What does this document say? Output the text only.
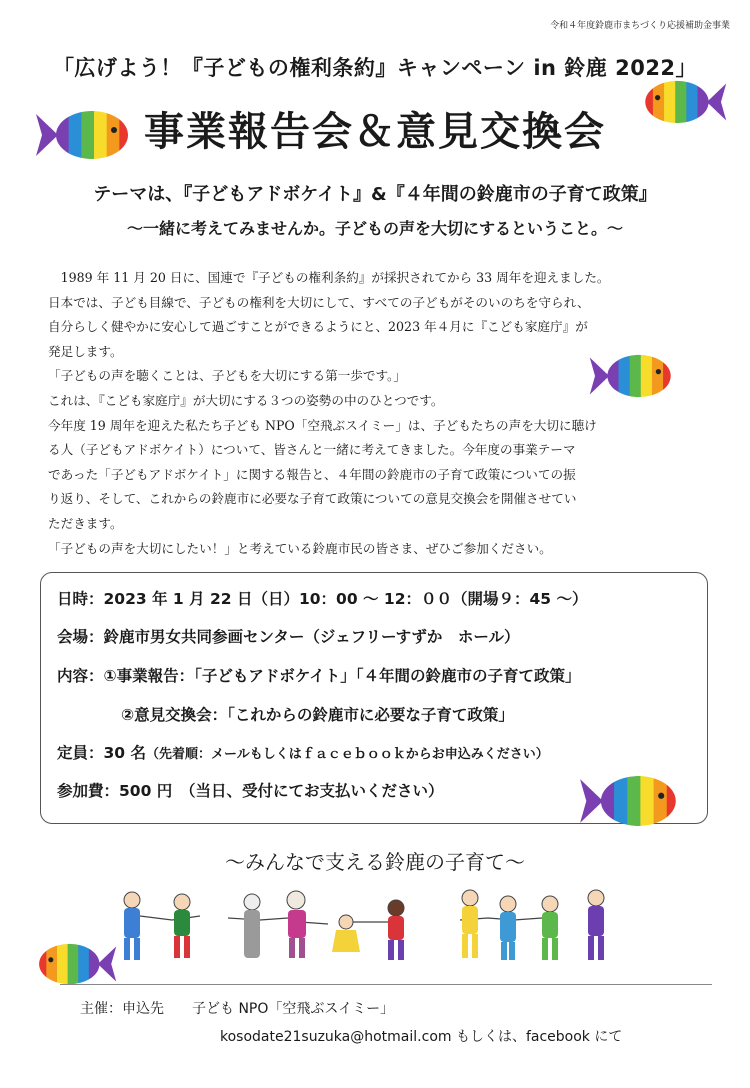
令和４年度鈴鹿市まちづくり応援補助金事業
「広げよう！『子どもの権利条約』キャンペーン in 鈴鹿 2022」
事業報告会＆意見交換会
テーマは、『子どもアドボケイト』&『４年間の鈴鹿市の子育て政策』
〜一緒に考えてみませんか。子どもの声を大切にするということ。〜

　1989 年 11 月 20 日に、国連で『子どもの権利条約』が採択されてから 33 周年を迎えました。

日本では、子ども目線で、子どもの権利を大切にして、すべての子どもがそのいのちを守られ、

自分らしく健やかに安心して過ごすことができるようにと、2023 年４月に『こども家庭庁』が

発足します。

「子どもの声を聴くことは、子どもを大切にする第一歩です。」

これは、『こども家庭庁』が大切にする３つの姿勢の中のひとつです。

今年度 19 周年を迎えた私たち子ども NPO「空飛ぶスイミー」は、子どもたちの声を大切に聴け

る人（子どもアドボケイト）について、皆さんと一緒に考えてきました。今年度の事業テーマ

であった「子どもアドボケイト」に関する報告と、４年間の鈴鹿市の子育て政策についての振

り返り、そして、これからの鈴鹿市に必要な子育て政策についての意見交換会を開催させてい

ただきます。

「子どもの声を大切にしたい！」と考えている鈴鹿市民の皆さま、ぜひご参加ください。

日時：2023 年 1 月 22 日（日）10：00 〜 12：００（開場９：45 〜）
会場：鈴鹿市男女共同参画センター（ジェフリーすずか　ホール）
内容：①事業報告：「子どもアドボケイト」「４年間の鈴鹿市の子育て政策」
②意見交換会：「これからの鈴鹿市に必要な子育て政策」
定員：30 名（先着順：メールもしくはｆａｃｅｂｏｏｋからお申込みください）
参加費：500 円　（当日、受付にてお支払いください）
〜みんなで支える鈴鹿の子育て〜
主催：申込先　　子ども NPO「空飛ぶスイミー」
kosodate21suzuka@hotmail.com もしくは、facebook にて
